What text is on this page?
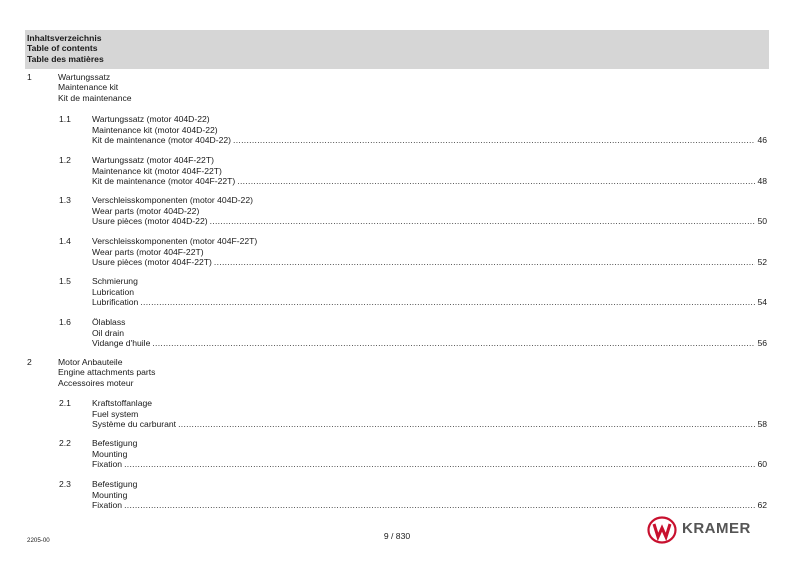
Inhaltsverzeichnis
Table of contents
Table des matières
1	Wartungssatz
Maintenance kit
Kit de maintenance
1.1 Wartungssatz (motor 404D-22)
Maintenance kit (motor 404D-22)
Kit de maintenance (motor 404D-22) .....	46
1.2 Wartungssatz (motor 404F-22T)
Maintenance kit (motor 404F-22T)
Kit de maintenance (motor 404F-22T) .....	48
1.3 Verschleisskomponenten (motor 404D-22)
Wear parts (motor 404D-22)
Usure pièces (motor 404D-22) .....	50
1.4 Verschleisskomponenten (motor 404F-22T)
Wear parts (motor 404F-22T)
Usure pièces (motor 404F-22T) .....	52
1.5 Schmierung
Lubrication
Lubrification .....	54
1.6 Ölablass
Oil drain
Vidange d'huile .....	56
2	Motor Anbauteile
Engine attachments parts
Accessoires moteur
2.1 Kraftstoffanlage
Fuel system
Système du carburant .....	58
2.2 Befestigung
Mounting
Fixation .....	60
2.3 Befestigung
Mounting
Fixation .....	62
2205-00	9 / 830	KRAMER
